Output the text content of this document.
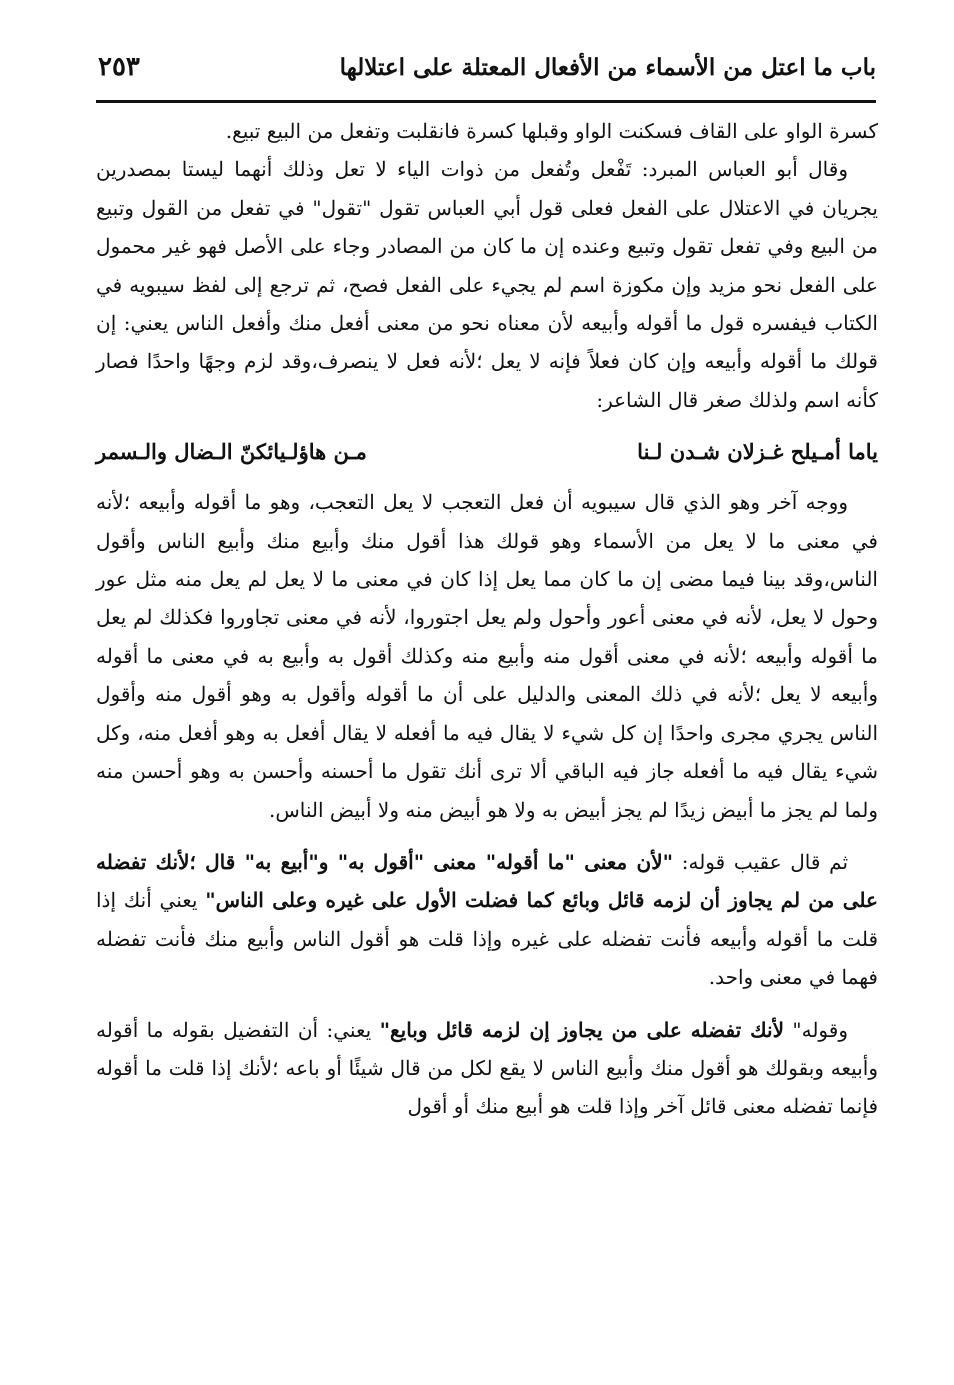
باب ما اعتل من الأسماء من الأفعال المعتلة على اعتلالها
٢٥٣

كسرة الواو على القاف فسكنت الواو وقبلها كسرة فانقلبت وتفعل من البيع تبيع.

وقال أبو العباس المبرد: تَفْعل وتُفعل من ذوات الياء لا تعل وذلك أنهما ليستا بمصدرين يجريان في الاعتلال على الفعل فعلى قول أبي العباس تقول "تقول" في تفعل من القول وتبيع من البيع وفي تفعل تقول وتبيع وعنده إن ما كان من المصادر وجاء على الأصل فهو غير محمول على الفعل نحو مزيد وإن مكوزة اسم لم يجيء على الفعل فصح، ثم ترجع إلى لفظ سيبويه في الكتاب فيفسره قول ما أقوله وأبيعه لأن معناه نحو من معنى أفعل منك وأفعل الناس يعني: إن قولك ما أقوله وأبيعه وإن كان فعلاً فإنه لا يعل ؛لأنه فعل لا ينصرف،وقد لزم وجهًا واحدًا فصار كأنه اسم ولذلك صغر قال الشاعر:

ياما أمـيلح غـزلان شـدن لـنا
مـن هاؤلـيائكنّ الـضال والـسمر

ووجه آخر وهو الذي قال سيبويه أن فعل التعجب لا يعل التعجب، وهو ما أقوله وأبيعه ؛لأنه في معنى ما لا يعل من الأسماء وهو قولك هذا أقول منك وأبيع منك وأبيع الناس وأقول الناس،وقد بينا فيما مضى إن ما كان مما يعل إذا كان في معنى ما لا يعل لم يعل منه مثل عور وحول لا يعل، لأنه في معنى أعور وأحول ولم يعل اجتوروا، لأنه في معنى تجاوروا فكذلك لم يعل ما أقوله وأبيعه ؛لأنه في معنى أقول منه وأبيع منه وكذلك أقول به وأبيع به في معنى ما أقوله وأبيعه لا يعل ؛لأنه في ذلك المعنى والدليل على أن ما أقوله وأقول به وهو أقول منه وأقول الناس يجري مجرى واحدًا إن كل شيء لا يقال فيه ما أفعله لا يقال أفعل به وهو أفعل منه، وكل شيء يقال فيه ما أفعله جاز فيه الباقي ألا ترى أنك تقول ما أحسنه وأحسن به وهو أحسن منه ولما لم يجز ما أبيض زيدًا لم يجز أبيض به ولا هو أبيض منه ولا أبيض الناس.

ثم قال عقيب قوله: "لأن معنى "ما أقوله" معنى "أقول به" و"أبيع به" قال ؛لأنك تفضله على من لم يجاوز أن لزمه قائل وبائع كما فضلت الأول على غيره وعلى الناس" يعني أنك إذا قلت ما أقوله وأبيعه فأنت تفضله على غيره وإذا قلت هو أقول الناس وأبيع منك فأنت تفضله فهما في معنى واحد.

وقوله" لأنك تفضله على من يجاوز إن لزمه قائل وبايع" يعني: أن التفضيل بقوله ما أقوله وأبيعه وبقولك هو أقول منك وأبيع الناس لا يقع لكل من قال شيئًا أو باعه ؛لأنك إذا قلت ما أقوله فإنما تفضله معنى قائل آخر وإذا قلت هو أبيع منك أو أقول
